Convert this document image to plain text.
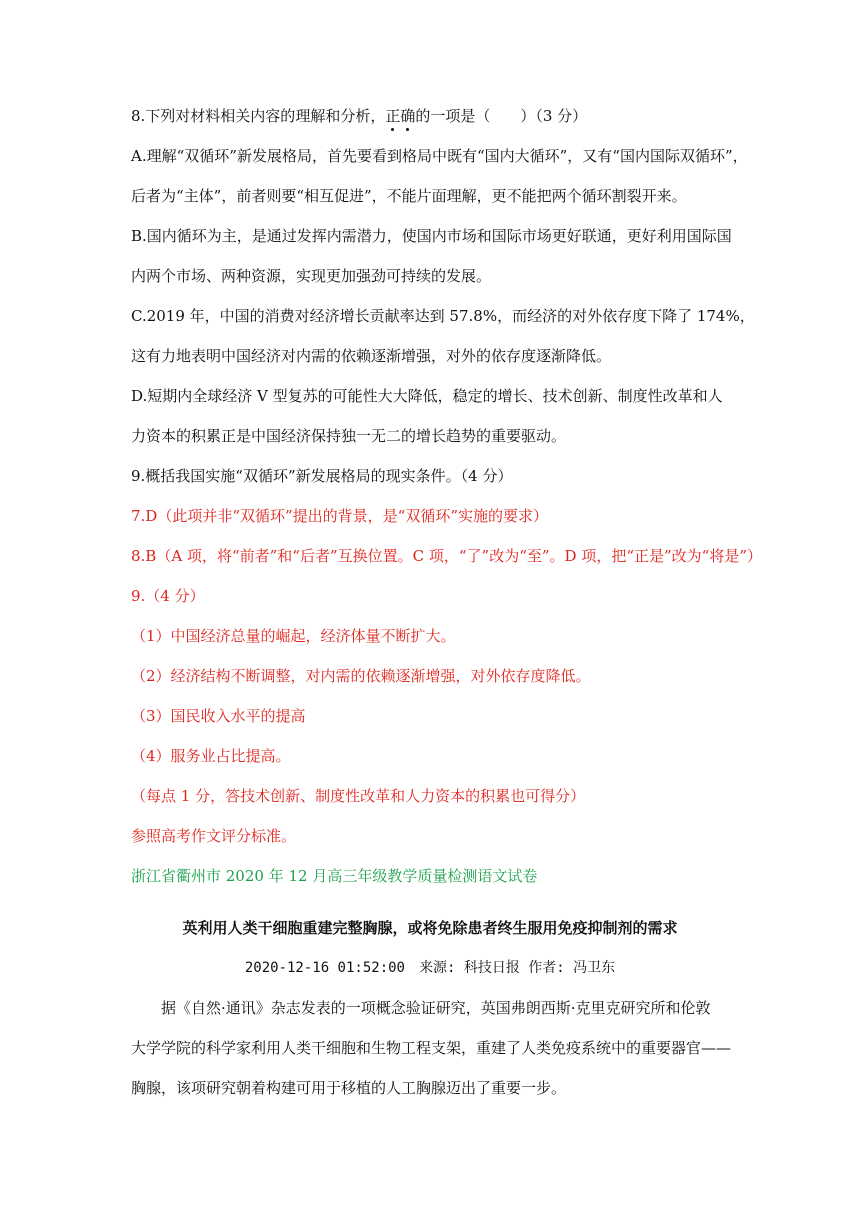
8.下列对材料相关内容的理解和分析，正确的一项是（　　）（3 分）
A.理解“双循环”新发展格局，首先要看到格局中既有“国内大循环”，又有“国内国际双循环”，
后者为“主体”，前者则要“相互促进”，不能片面理解，更不能把两个循环割裂开来。
B.国内循环为主，是通过发挥内需潜力，使国内市场和国际市场更好联通，更好利用国际国
内两个市场、两种资源，实现更加强劲可持续的发展。
C.2019 年，中国的消费对经济增长贡献率达到 57.8%，而经济的对外依存度下降了 174%，
这有力地表明中国经济对内需的依赖逐渐增强，对外的依存度逐渐降低。
D.短期内全球经济 V 型复苏的可能性大大降低，稳定的增长、技术创新、制度性改革和人
力资本的积累正是中国经济保持独一无二的增长趋势的重要驱动。
9.概括我国实施“双循环”新发展格局的现实条件。（4 分）
7.D（此项并非“双循环”提出的背景，是“双循环”实施的要求）
8.B（A 项，将“前者”和“后者”互换位置。C 项，“了”改为“至”。D 项，把“正是”改为“将是”）
9.（4 分）
（1）中国经济总量的崛起，经济体量不断扩大。
（2）经济结构不断调整，对内需的依赖逐渐增强，对外依存度降低。
（3）国民收入水平的提高
（4）服务业占比提高。
（每点 1 分，答技术创新、制度性改革和人力资本的积累也可得分）
参照高考作文评分标准。
浙江省衢州市 2020 年 12 月高三年级教学质量检测语文试卷
英利用人类干细胞重建完整胸腺，或将免除患者终生服用免疫抑制剂的需求
2020-12-16 01:52:00　来源: 科技日报 作者: 冯卫东
据《自然·通讯》杂志发表的一项概念验证研究，英国弗朗西斯·克里克研究所和伦敦
大学学院的科学家利用人类干细胞和生物工程支架，重建了人类免疫系统中的重要器官——
胸腺，该项研究朝着构建可用于移植的人工胸腺迈出了重要一步。
